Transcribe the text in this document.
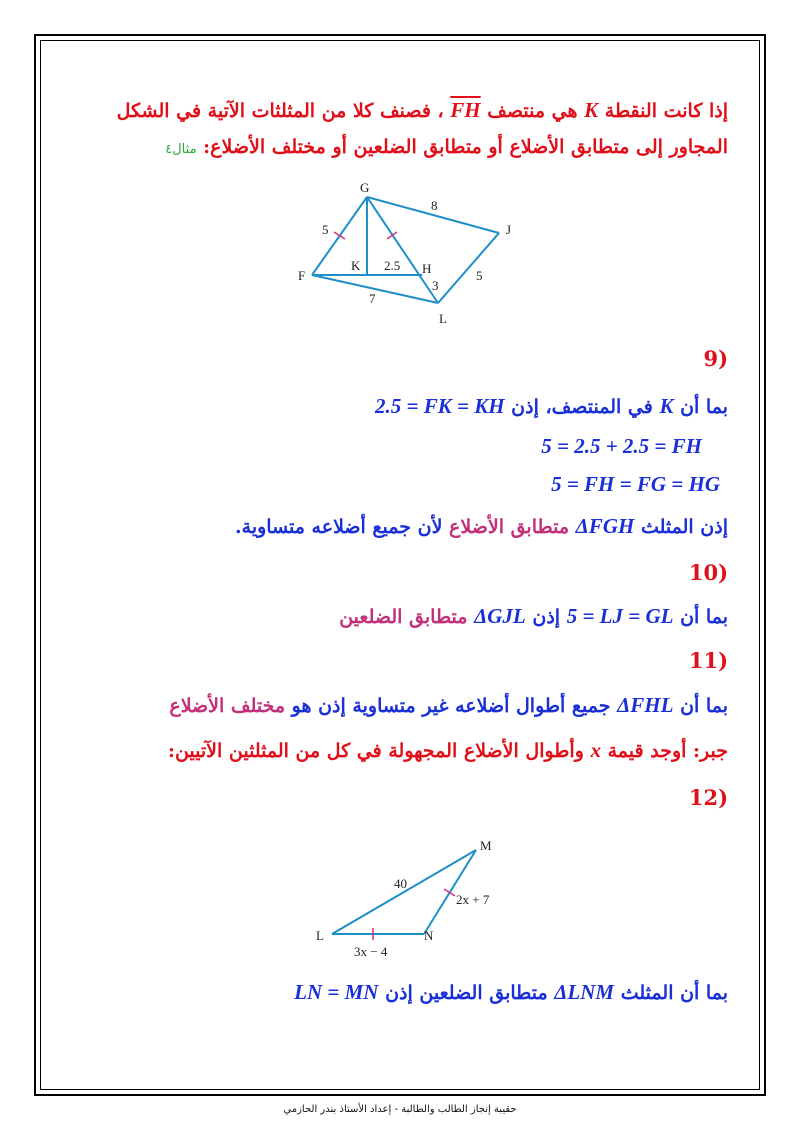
إذا كانت النقطة K هي منتصف $\overline{FH}$ ، فصنف كلا من المثلثات الآتية في الشكل
المجاور إلى متطابق الأضلاع أو متطابق الضلعين أو مختلف الأضلاع: مثال٤
G
J
F
K	H
L
5
8
2.5
3
5
7
(9
بما أن K في المنتصف، إذن 2.5 = FK = KH
5 = 2.5 + 2.5 = FH
5 = FH = FG = HG
إذن المثلث ΔFGH متطابق الأضلاع لأن جميع أضلاعه متساوية.
(10
بما أن 5 = LJ = GL إذن ΔGJL متطابق الضلعين
(11
بما أن ΔFHL جميع أطوال أضلاعه غير متساوية إذن هو مختلف الأضلاع
جبر: أوجد قيمة x وأطوال الأضلاع المجهولة في كل من المثلثين الآتيين:
(12
M
L	N
40
2x + 7
3x − 4
بما أن المثلث ΔLNM متطابق الضلعين إذن LN = MN
حقيبة إنجاز الطالب والطالبة - إعداد الأستاذ بندر الحازمي
